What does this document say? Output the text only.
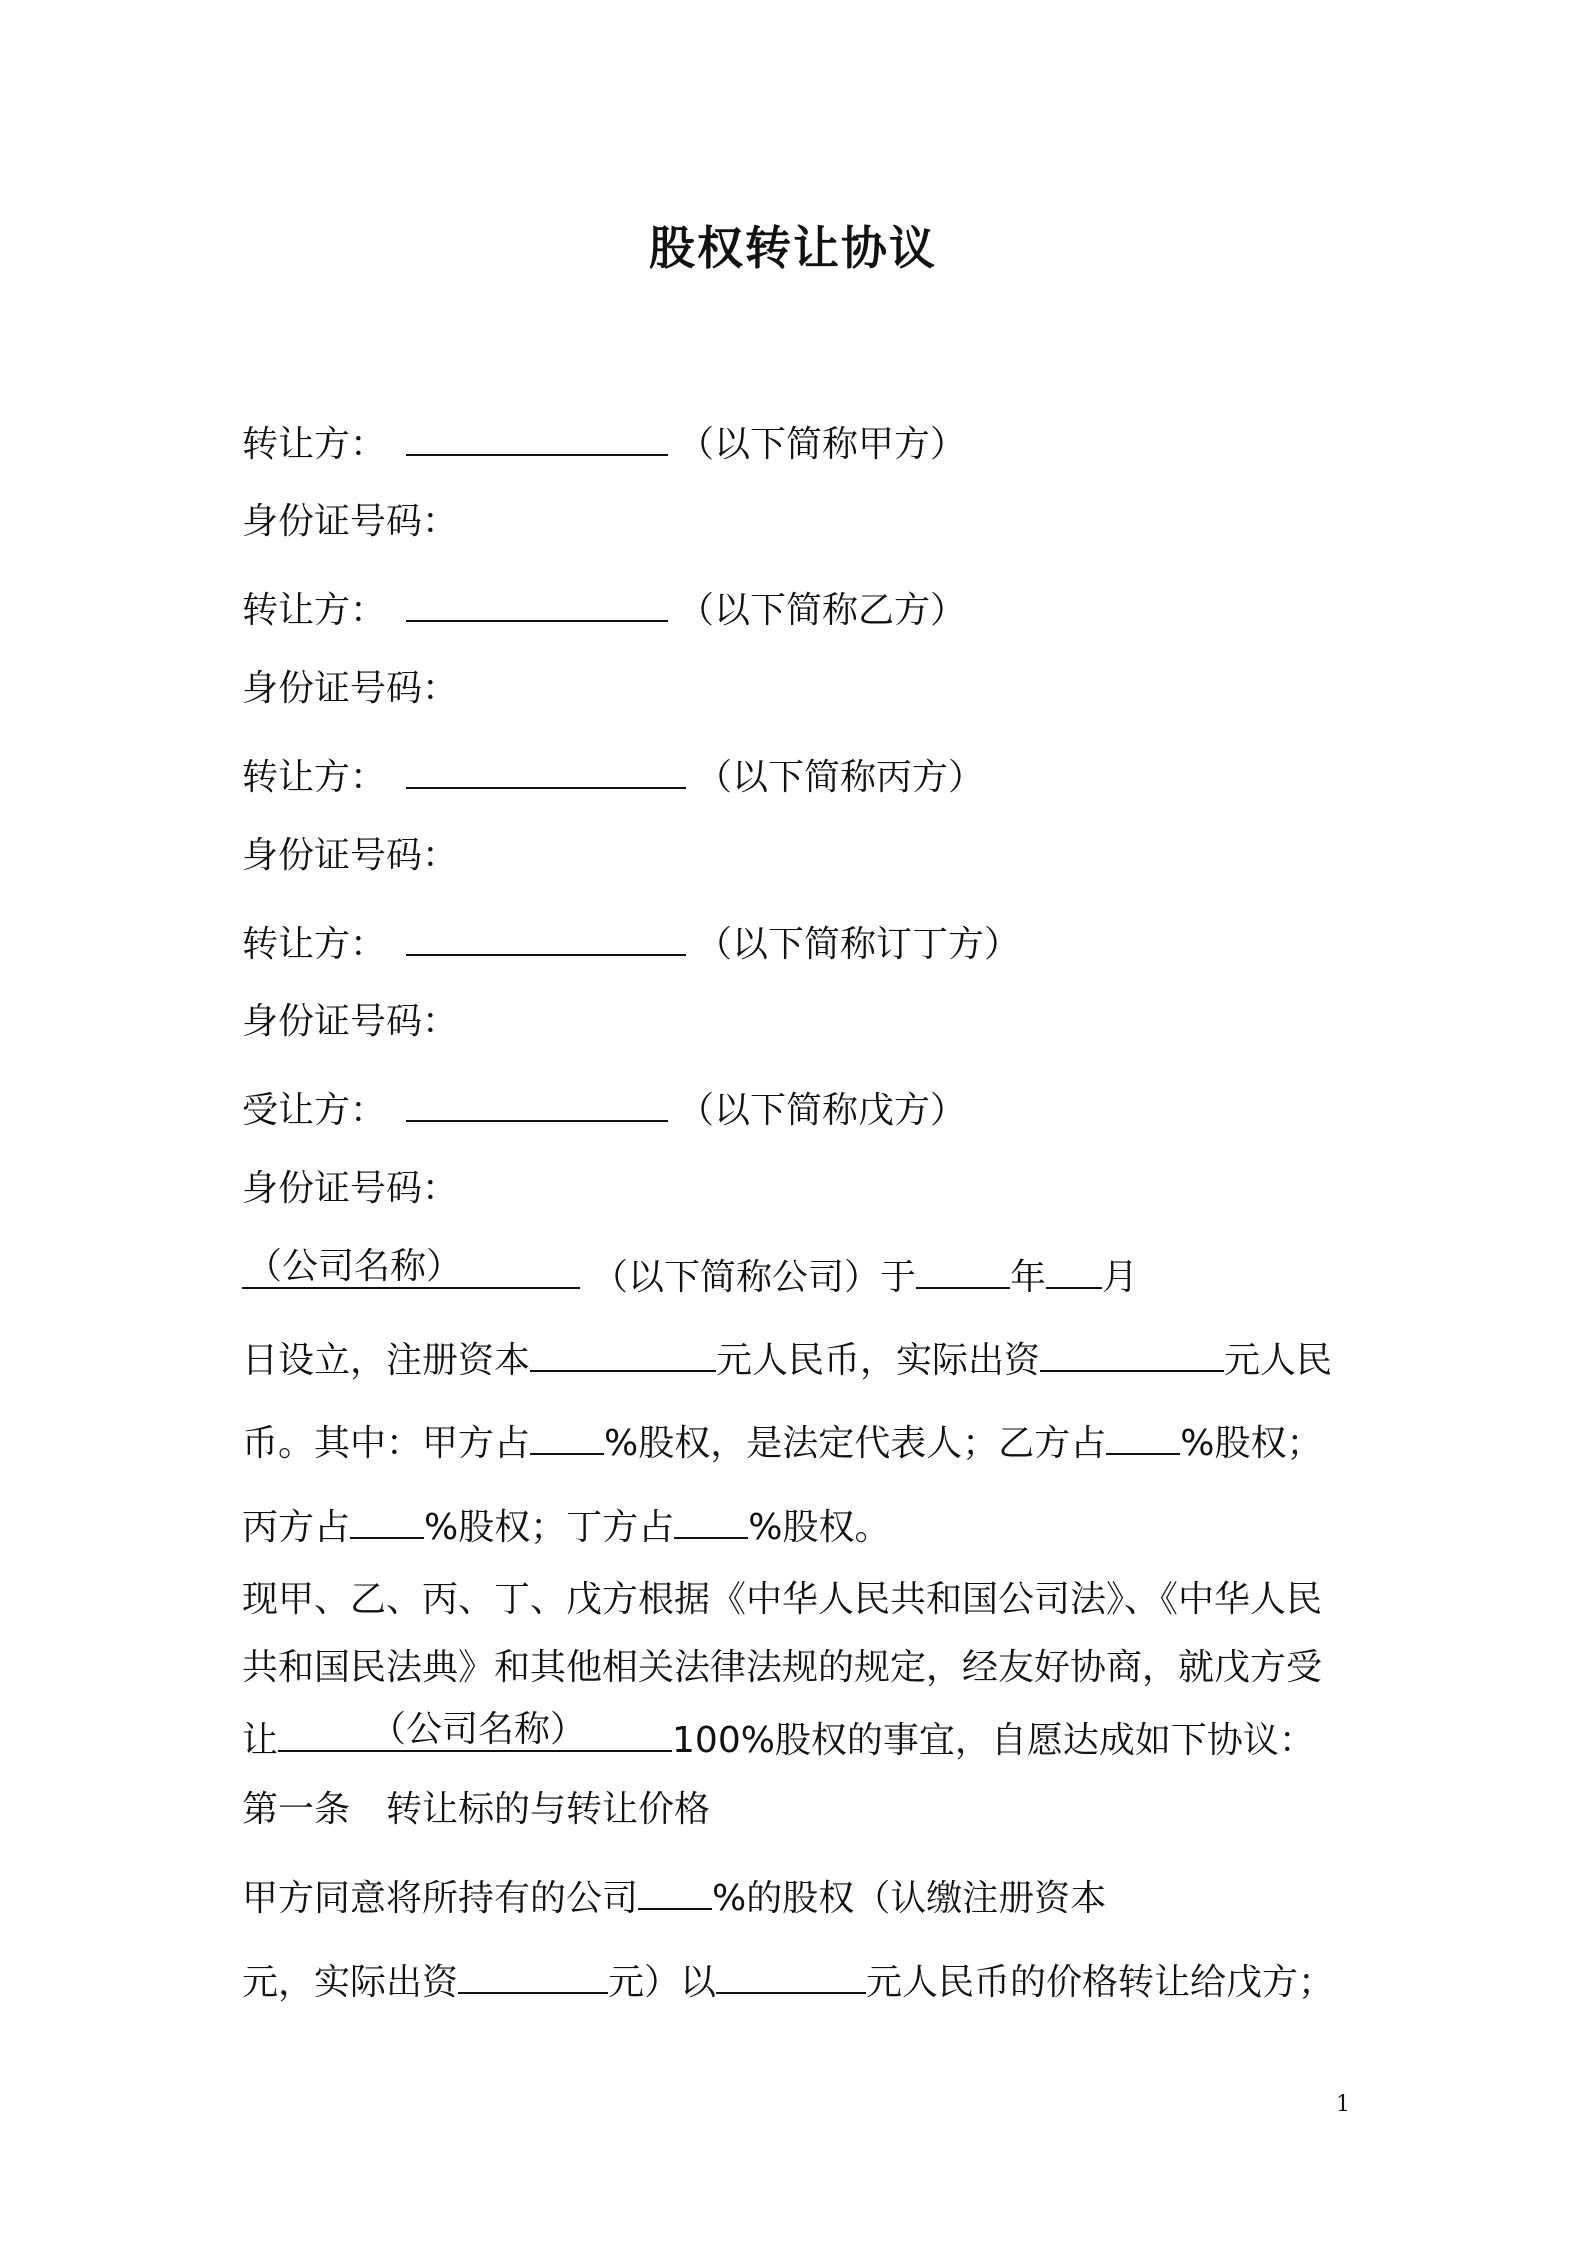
股权转让协议
转让方：	（以下简称甲方）
身份证号码：
转让方：	（以下简称乙方）
身份证号码：
转让方：	（以下简称丙方）
身份证号码：
转让方：	（以下简称订丁方）
身份证号码：
受让方：	（以下简称戊方）
身份证号码：
（公司名称）	（以下简称公司）于	年 月
日设立，注册资本	元人民币，实际出资	元人民
币。其中：甲方占 %股权，是法定代表人；乙方占 %股权；
丙方占 %股权；丁方占 %股权。
现甲、乙、丙、丁、戊方根据《中华人民共和国公司法》、《中华人民
共和国民法典》和其他相关法律法规的规定，经友好协商，就戊方受
让	（公司名称） 100%股权的事宜，自愿达成如下协议：
第一条　转让标的与转让价格
甲方同意将所持有的公司 %的股权（认缴注册资本
元，实际出资	元）以	元人民币的价格转让给戊方；
1
